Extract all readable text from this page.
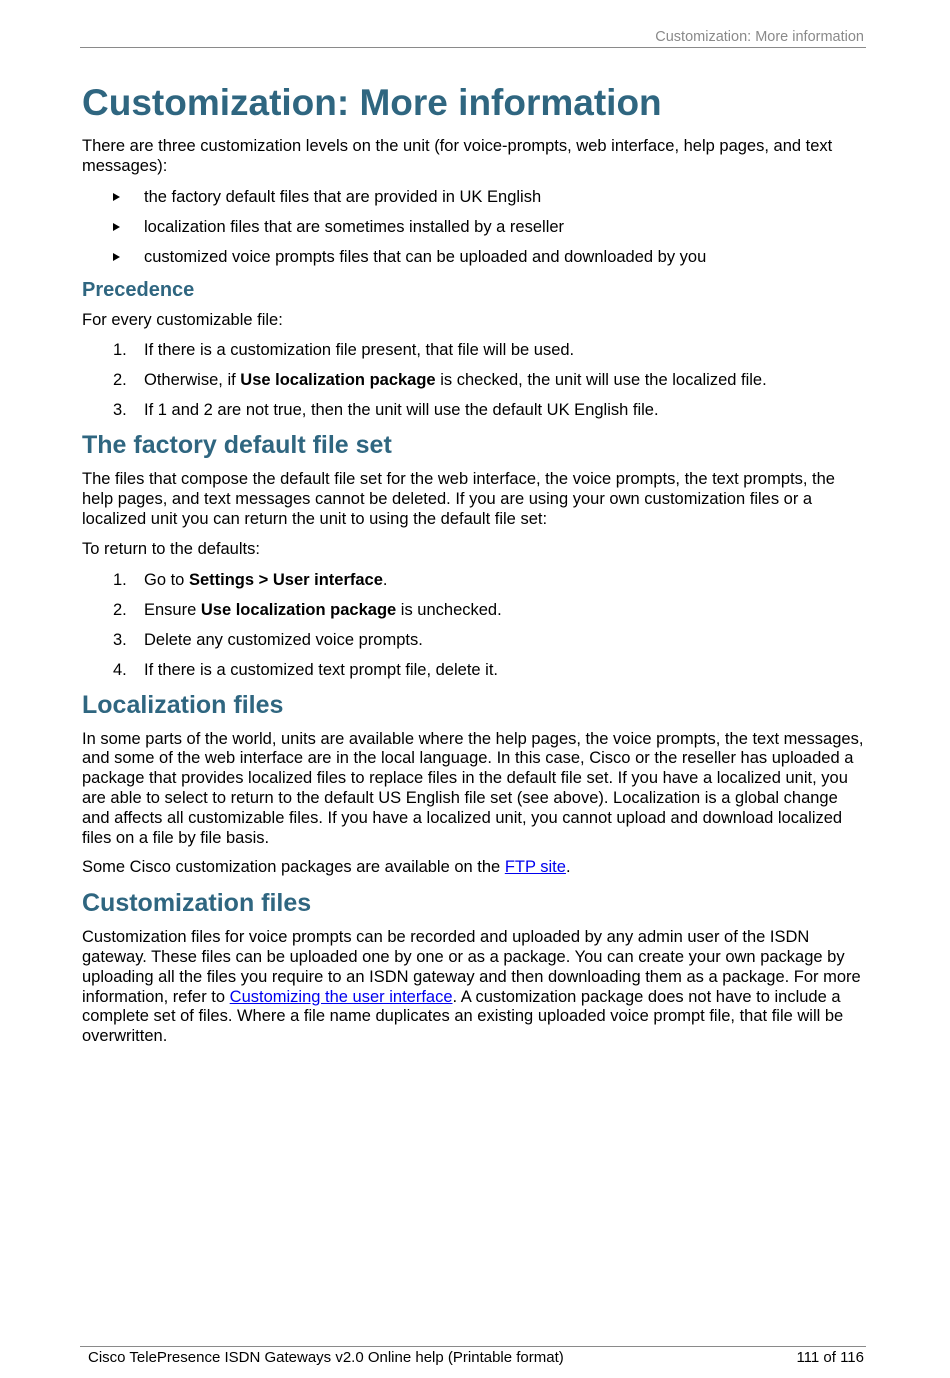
Customization: More information
Customization: More information

There are three customization levels on the unit (for voice-prompts, web interface, help pages, and text messages):

the factory default files that are provided in UK English
localization files that are sometimes installed by a reseller
customized voice prompts files that can be uploaded and downloaded by you
Precedence

For every customizable file:

1. If there is a customization file present, that file will be used.
2. Otherwise, if Use localization package is checked, the unit will use the localized file.
3. If 1 and 2 are not true, then the unit will use the default UK English file.
The factory default file set

The files that compose the default file set for the web interface, the voice prompts, the text prompts, the help pages, and text messages cannot be deleted. If you are using your own customization files or a localized unit you can return the unit to using the default file set:

To return to the defaults:

1. Go to Settings > User interface.
2. Ensure Use localization package is unchecked.
3. Delete any customized voice prompts.
4. If there is a customized text prompt file, delete it.
Localization files

In some parts of the world, units are available where the help pages, the voice prompts, the text messages, and some of the web interface are in the local language. In this case, Cisco or the reseller has uploaded a package that provides localized files to replace files in the default file set. If you have a localized unit, you are able to select to return to the default US English file set (see above). Localization is a global change and affects all customizable files. If you have a localized unit, you cannot upload and download localized files on a file by file basis.

Some Cisco customization packages are available on the FTP site.

Customization files

Customization files for voice prompts can be recorded and uploaded by any admin user of the ISDN gateway. These files can be uploaded one by one or as a package. You can create your own package by uploading all the files you require to an ISDN gateway and then downloading them as a package. For more information, refer to Customizing the user interface. A customization package does not have to include a complete set of files. Where a file name duplicates an existing uploaded voice prompt file, that file will be overwritten.

Cisco TelePresence ISDN Gateways v2.0 Online help (Printable format)	111 of 116
